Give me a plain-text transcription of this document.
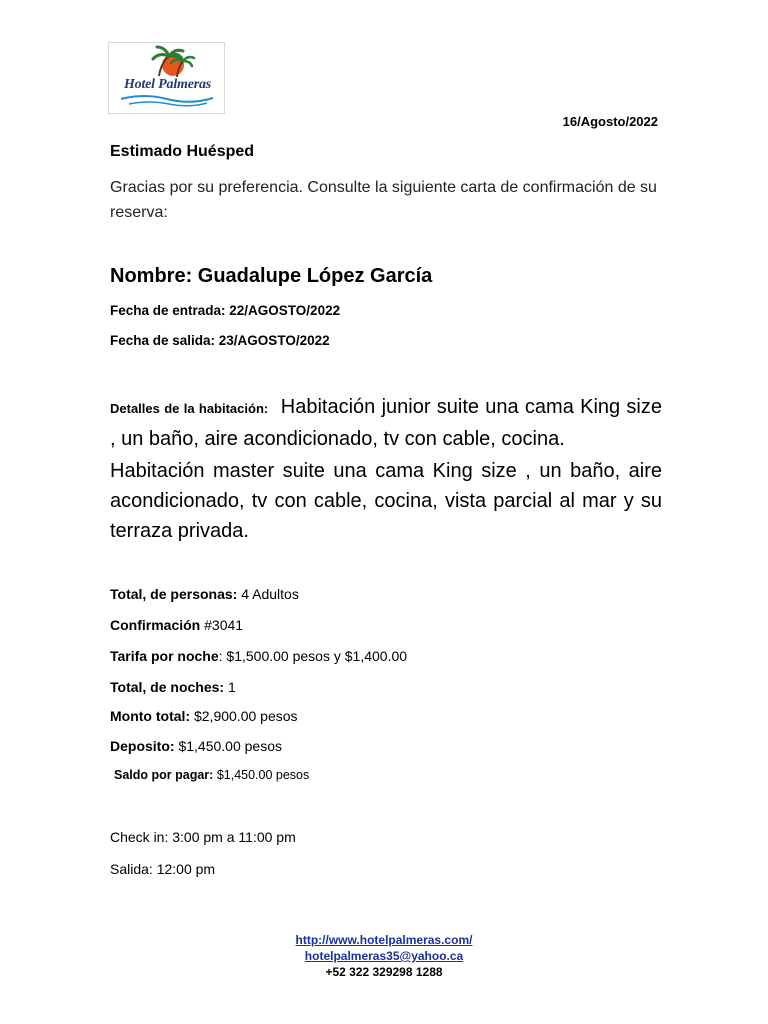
Hotel Palmeras
16/Agosto/2022
Estimado Huésped
Gracias por su preferencia. Consulte la siguiente carta de confirmación de su reserva:
Nombre: Guadalupe López García
Fecha de entrada: 22/AGOSTO/2022
Fecha de salida: 23/AGOSTO/2022
Detalles de la habitación: Habitación junior suite una cama King size , un baño, aire acondicionado, tv con cable, cocina.
Habitación master suite una cama King size , un baño, aire acondicionado, tv con cable, cocina, vista parcial al mar y su terraza privada.
Total, de personas: 4 Adultos
Confirmación #3041
Tarifa por noche: $1,500.00 pesos y $1,400.00
Total, de noches: 1
Monto total: $2,900.00 pesos
Deposito: $1,450.00 pesos
Saldo por pagar: $1,450.00 pesos
Check in: 3:00 pm a 11:00 pm
Salida: 12:00 pm
http://www.hotelpalmeras.com/
hotelpalmeras35@yahoo.ca
+52 322 329298 1288
